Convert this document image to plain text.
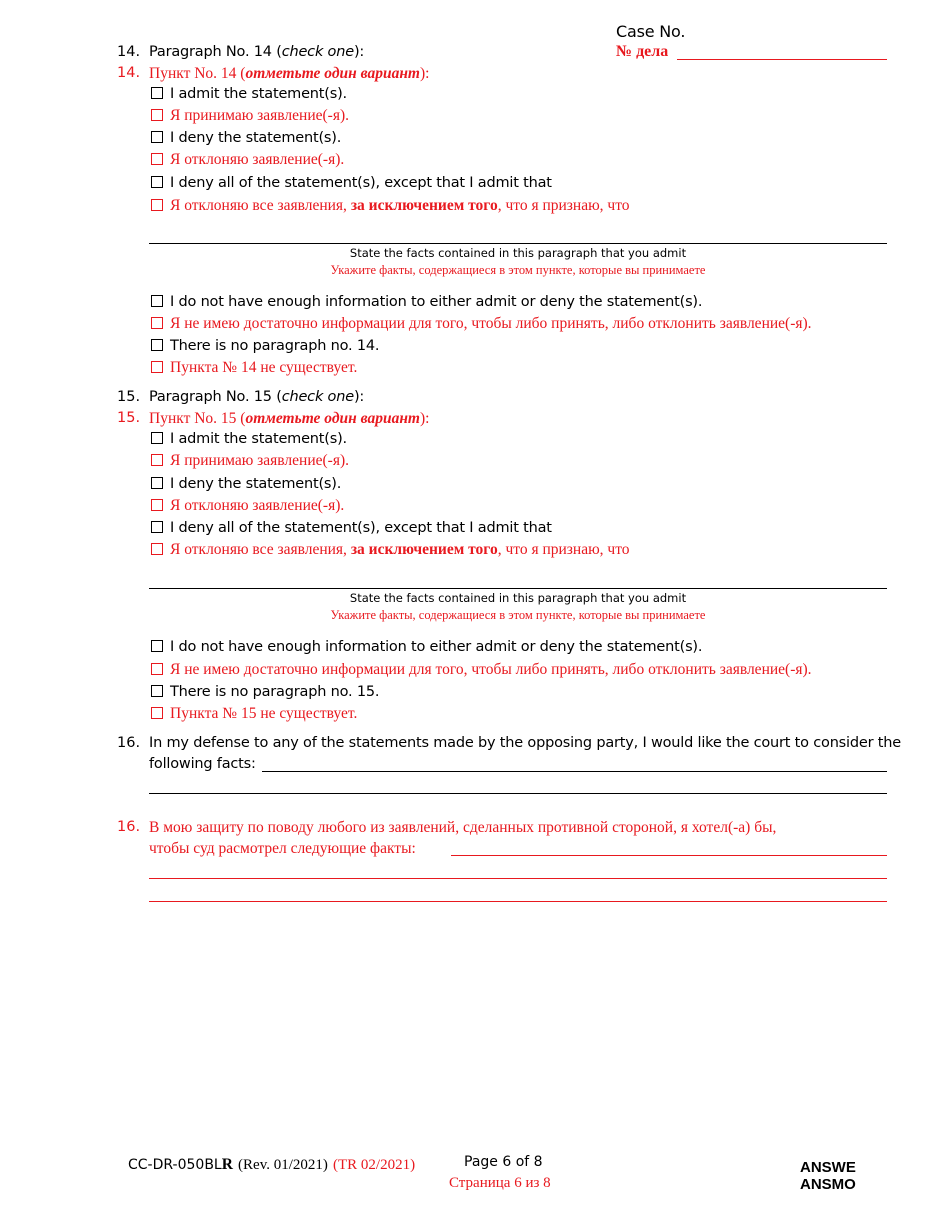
Case No.
№ дела
14. Paragraph No. 14 (check one):
14. Пункт No. 14 (отметьте один вариант):
I admit the statement(s).
Я принимаю заявление(-я).
I deny the statement(s).
Я отклоняю заявление(-я).
I deny all of the statement(s), except that I admit that
Я отклоняю все заявления, за исключением того, что я признаю, что
State the facts contained in this paragraph that you admit
Укажите факты, содержащиеся в этом пункте, которые вы принимаете
I do not have enough information to either admit or deny the statement(s).
Я не имею достаточно информации для того, чтобы либо принять, либо отклонить заявление(-я).
There is no paragraph no. 14.
Пункта № 14 не существует.
15. Paragraph No. 15 (check one):
15. Пункт No. 15 (отметьте один вариант):
I admit the statement(s).
Я принимаю заявление(-я).
I deny the statement(s).
Я отклоняю заявление(-я).
I deny all of the statement(s), except that I admit that
Я отклоняю все заявления, за исключением того, что я признаю, что
State the facts contained in this paragraph that you admit
Укажите факты, содержащиеся в этом пункте, которые вы принимаете
I do not have enough information to either admit or deny the statement(s).
Я не имею достаточно информации для того, чтобы либо принять, либо отклонить заявление(-я).
There is no paragraph no. 15.
Пункта № 15 не существует.
16. In my defense to any of the statements made by the opposing party, I would like the court to consider the
following facts:
16. В мою защиту по поводу любого из заявлений, сделанных противной стороной, я хотел(-а) бы,
чтобы суд расмотрел следующие факты:
CC-DR-050BLR (Rev. 01/2021) (TR 02/2021)	Page 6 of 8
Страница 6 из 8
ANSWE
ANSMO
